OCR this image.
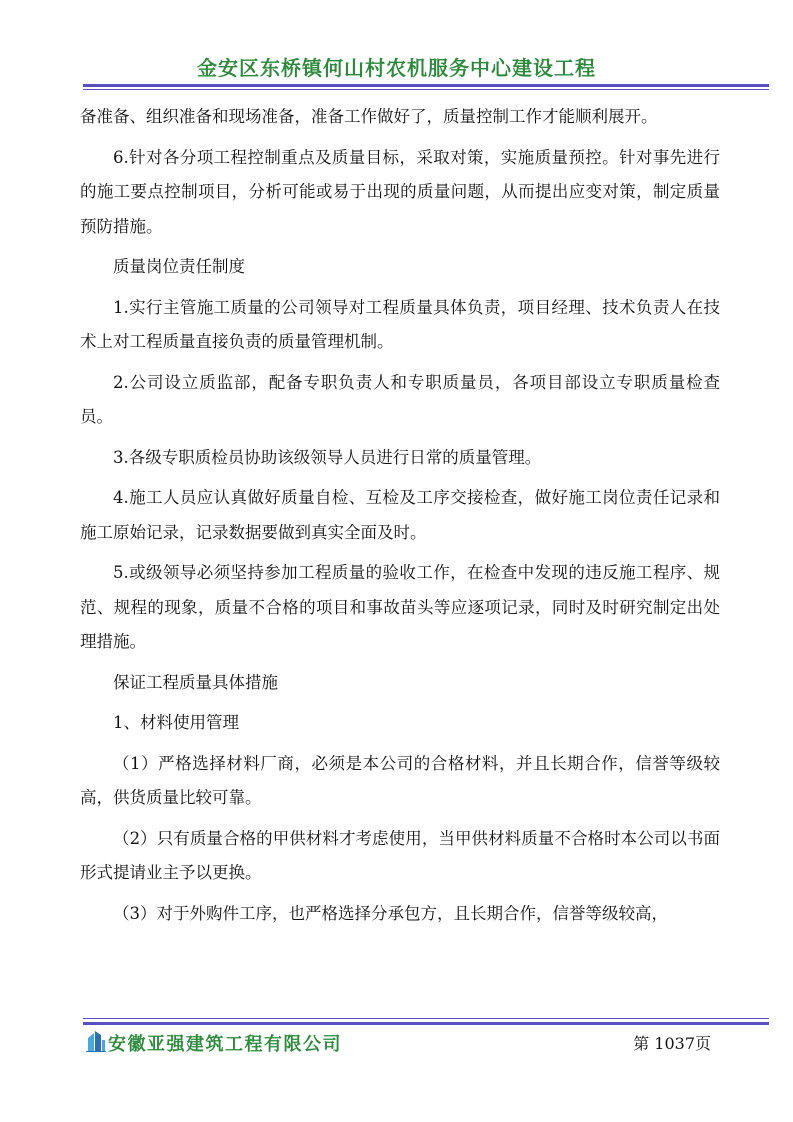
金安区东桥镇何山村农机服务中心建设工程

备准备、组织准备和现场准备，准备工作做好了，质量控制工作才能顺利展开。

6.针对各分项工程控制重点及质量目标，采取对策，实施质量预控。针对事先进行的施工要点控制项目，分析可能或易于出现的质量问题，从而提出应变对策，制定质量预防措施。

质量岗位责任制度

1.实行主管施工质量的公司领导对工程质量具体负责，项目经理、技术负责人在技术上对工程质量直接负责的质量管理机制。

2.公司设立质监部，配备专职负责人和专职质量员，各项目部设立专职质量检查员。

3.各级专职质检员协助该级领导人员进行日常的质量管理。

4.施工人员应认真做好质量自检、互检及工序交接检查，做好施工岗位责任记录和施工原始记录，记录数据要做到真实全面及时。

5.或级领导必须坚持参加工程质量的验收工作，在检查中发现的违反施工程序、规范、规程的现象，质量不合格的项目和事故苗头等应逐项记录，同时及时研究制定出处理措施。

保证工程质量具体措施

1、材料使用管理

（1）严格选择材料厂商，必须是本公司的合格材料，并且长期合作，信誉等级较高，供货质量比较可靠。

（2）只有质量合格的甲供材料才考虑使用，当甲供材料质量不合格时本公司以书面形式提请业主予以更换。

（3）对于外购件工序，也严格选择分承包方，且长期合作，信誉等级较高，

安徽亚强建筑工程有限公司	第 1037页
